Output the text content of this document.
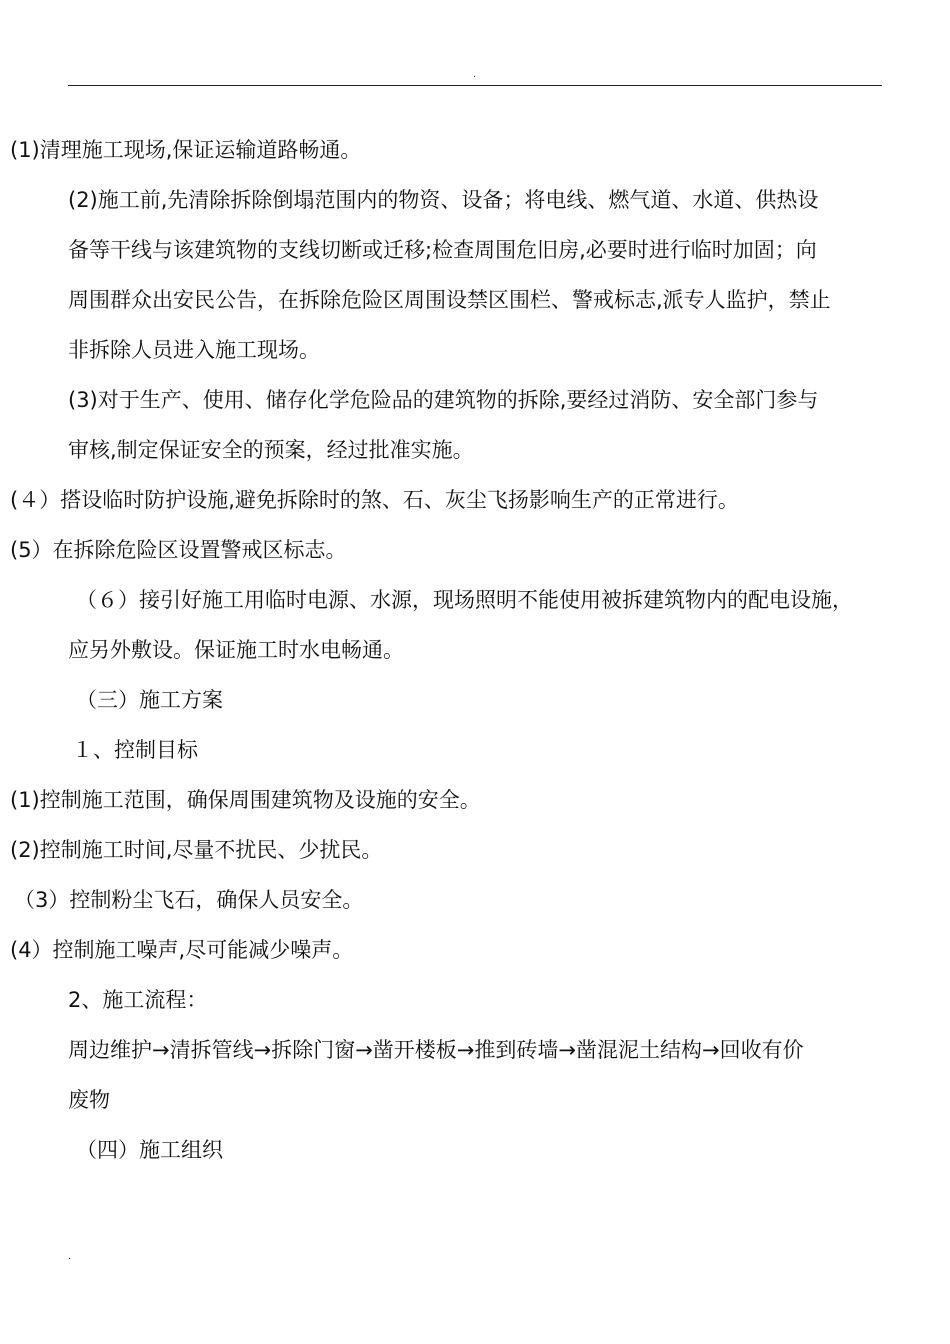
.
(1)清理施工现场,保证运输道路畅通。
(2)施工前,先清除拆除倒塌范围内的物资、设备；将电线、燃气道、水道、供热设
备等干线与该建筑物的支线切断或迁移;检查周围危旧房,必要时进行临时加固；向
周围群众出安民公告，在拆除危险区周围设禁区围栏、警戒标志,派专人监护，禁止
非拆除人员进入施工现场。
(3)对于生产、使用、储存化学危险品的建筑物的拆除,要经过消防、安全部门参与
审核,制定保证安全的预案，经过批准实施。
(４）搭设临时防护设施,避免拆除时的煞、石、灰尘飞扬影响生产的正常进行。
(5）在拆除危险区设置警戒区标志。
（６）接引好施工用临时电源、水源，现场照明不能使用被拆建筑物内的配电设施，
应另外敷设。保证施工时水电畅通。
（三）施工方案
１、控制目标
(1)控制施工范围，确保周围建筑物及设施的安全。
(2)控制施工时间,尽量不扰民、少扰民。
（3）控制粉尘飞石，确保人员安全。
(4）控制施工噪声,尽可能减少噪声。
2、施工流程：
周边维护→清拆管线→拆除门窗→凿开楼板→推到砖墙→凿混泥土结构→回收有价
废物
（四）施工组织
.
